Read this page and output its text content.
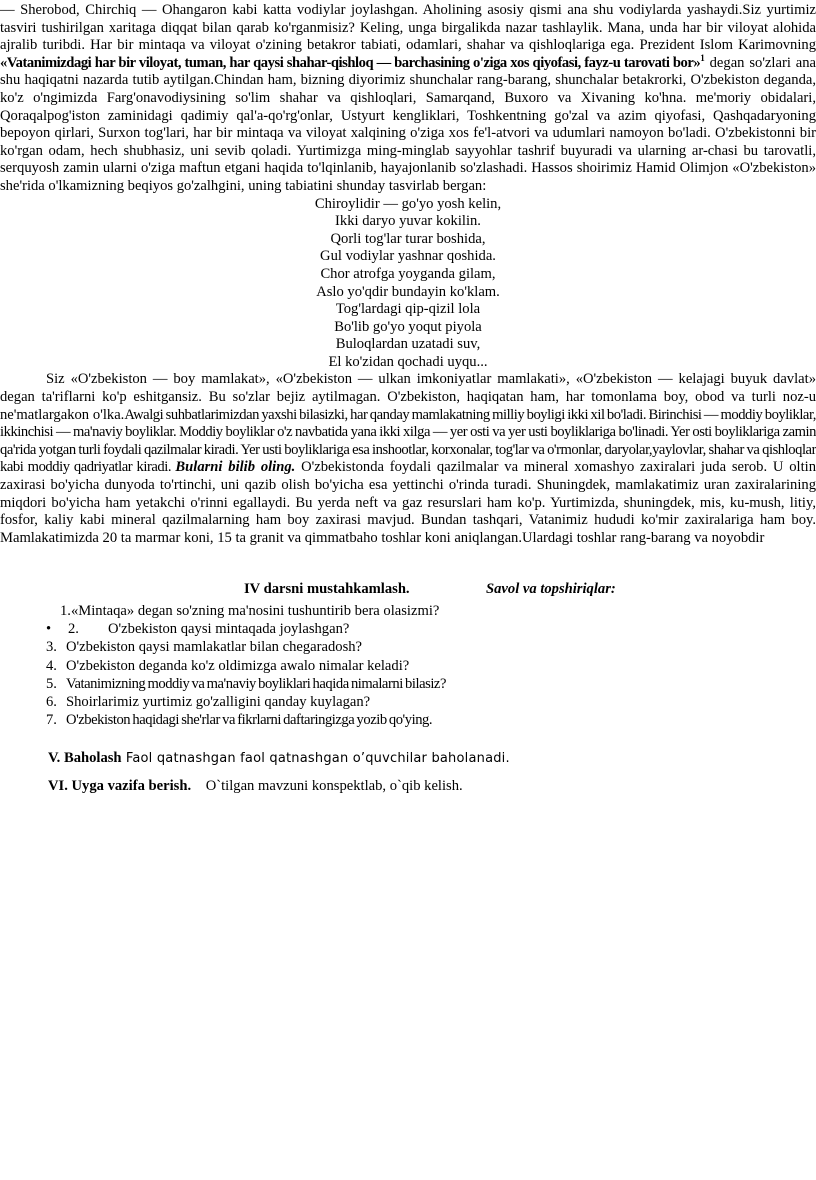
— Sherobod, Chirchiq — Ohangaron kabi katta vodiylar joylashgan. Aholining asosiy qismi ana shu vodiylarda yashaydi.Siz yurtimiz tasviri tushirilgan xaritaga diqqat bilan qarab ko'rganmisiz? Keling, unga birgalikda nazar tashlaylik. Mana, unda har bir viloyat alohida ajralib turibdi. Har bir mintaqa va viloyat o'zining betakror tabiati, odamlari, shahar va qishloqlariga ega. Prezident Islom Karimovning «Vatanimizdagi har bir viloyat, tuman, har qaysi shahar-qishloq — barchasining o'ziga xos qiyofasi, fayz-u tarovati bor»$^1$ degan so'zlari ana shu haqiqatni nazarda tutib aytilgan.Chindan ham, bizning diyorimiz shunchalar rang-barang, shunchalar betakrorki, O'zbekiston deganda, ko'z o'ngimizda Farg'onavodiysining so'lim shahar va qishloqlari, Samarqand, Buxoro va Xivaning ko'hna. me'moriy obidalari, Qoraqalpog'iston zaminidagi qadimiy qal'a-qo'rg'onlar, Ustyurt kengliklari, Toshkentning go'zal va azim qiyofasi, Qashqadaryoning bepoyon qirlari, Surxon tog'lari, har bir mintaqa va viloyat xalqining o'ziga xos fe'l-atvori va udumlari namoyon bo'ladi. O'zbekistonni bir ko'rgan odam, hech shubhasiz, uni sevib qoladi. Yurtimizga ming-minglab sayyohlar tashrif buyuradi va ularning ar-chasi bu tarovatli, serquyosh zamin ularni o'ziga maftun etgani haqida to'lqinlanib, hayajonlanib so'zlashadi. Hassos shoirimiz Hamid Olimjon «O'zbekiston» she'rida o'lkamizning beqiyos go'zalhgini, uning tabiatini shunday tasvirlab bergan:

Chiroylidir — go'yo yosh kelin,
Ikki daryo yuvar kokilin.
Qorli tog'lar turar boshida,
Gul vodiylar yashnar qoshida.
Chor atrofga yoyganda gilam,
Aslo yo'qdir bundayin ko'klam.
Tog'lardagi qip-qizil lola
Bo'lib go'yo yoqut piyola
Buloqlardan uzatadi suv,
El ko'zidan qochadi uyqu...

Siz «O'zbekiston — boy mamlakat», «O'zbekiston — ulkan imkoniyatlar mamlakati», «O'zbekiston — kelajagi buyuk davlat» degan ta'riflarni ko'p eshitgansiz. Bu so'zlar bejiz aytilmagan. O'zbekiston, haqiqatan ham, har tomonlama boy, obod va turli noz-u ne'matlargakon o'lka.Awalgi suhbatlarimizdan yaxshi bilasizki, har qanday mamlakatning milliy boyligi ikki xil bo'ladi. Birinchisi — moddiy boyliklar, ikkinchisi — ma'naviy boyliklar. Moddiy boyliklar o'z navbatida yana ikki xilga — yer osti va yer usti boyliklariga bo'linadi. Yer osti boyliklariga zamin qa'rida yotgan turli foydali qazilmalar kiradi. Yer usti boyliklariga esa inshootlar, korxonalar, tog'lar va o'rmonlar, daryolar,yaylovlar, shahar va qishloqlar kabi moddiy qadriyatlar kiradi. Bularni bilib oling. O'zbekistonda foydali qazilmalar va mineral xomashyo zaxiralari juda serob. U oltin zaxirasi bo'yicha dunyoda to'rtinchi, uni qazib olish bo'yicha esa yettinchi o'rinda turadi. Shuningdek, mamlakatimiz uran zaxiralarining miqdori bo'yicha ham yetakchi o'rinni egallaydi. Bu yerda neft va gaz resurslari ham ko'p. Yurtimizda, shuningdek, mis, ku-mush, litiy, fosfor, kaliy kabi mineral qazilmalarning ham boy zaxirasi mavjud. Bundan tashqari, Vatanimiz hududi ko'mir zaxiralariga ham boy. Mamlakatimizda 20 ta marmar koni, 15 ta granit va qimmatbaho toshlar koni aniqlangan.Ulardagi toshlar rang-barang va noyobdir

IV darsni mustahkamlash.	Savol va topshiriqlar:
1.«Mintaqa» degan so'zning ma'nosini tushuntirib bera olasizmi?
• 2. O'zbekiston qaysi mintaqada joylashgan?
3. O'zbekiston qaysi mamlakatlar bilan chegaradosh?
4. O'zbekiston deganda ko'z oldimizga awalo nimalar keladi?
5. Vatanimizning moddiy va ma'naviy boyliklari haqida nimalarni bilasiz?
6. Shoirlarimiz yurtimiz go'zalligini qanday kuylagan?
7. O'zbekiston haqidagi she'rlar va fikrlarni daftaringizga yozib qo'ying.
V. Baholash Faol qatnashgan faol qatnashgan o’quvchilar baholanadi.
VI. Uyga vazifa berish. O`tilgan mavzuni konspektlab, o`qib kelish.
